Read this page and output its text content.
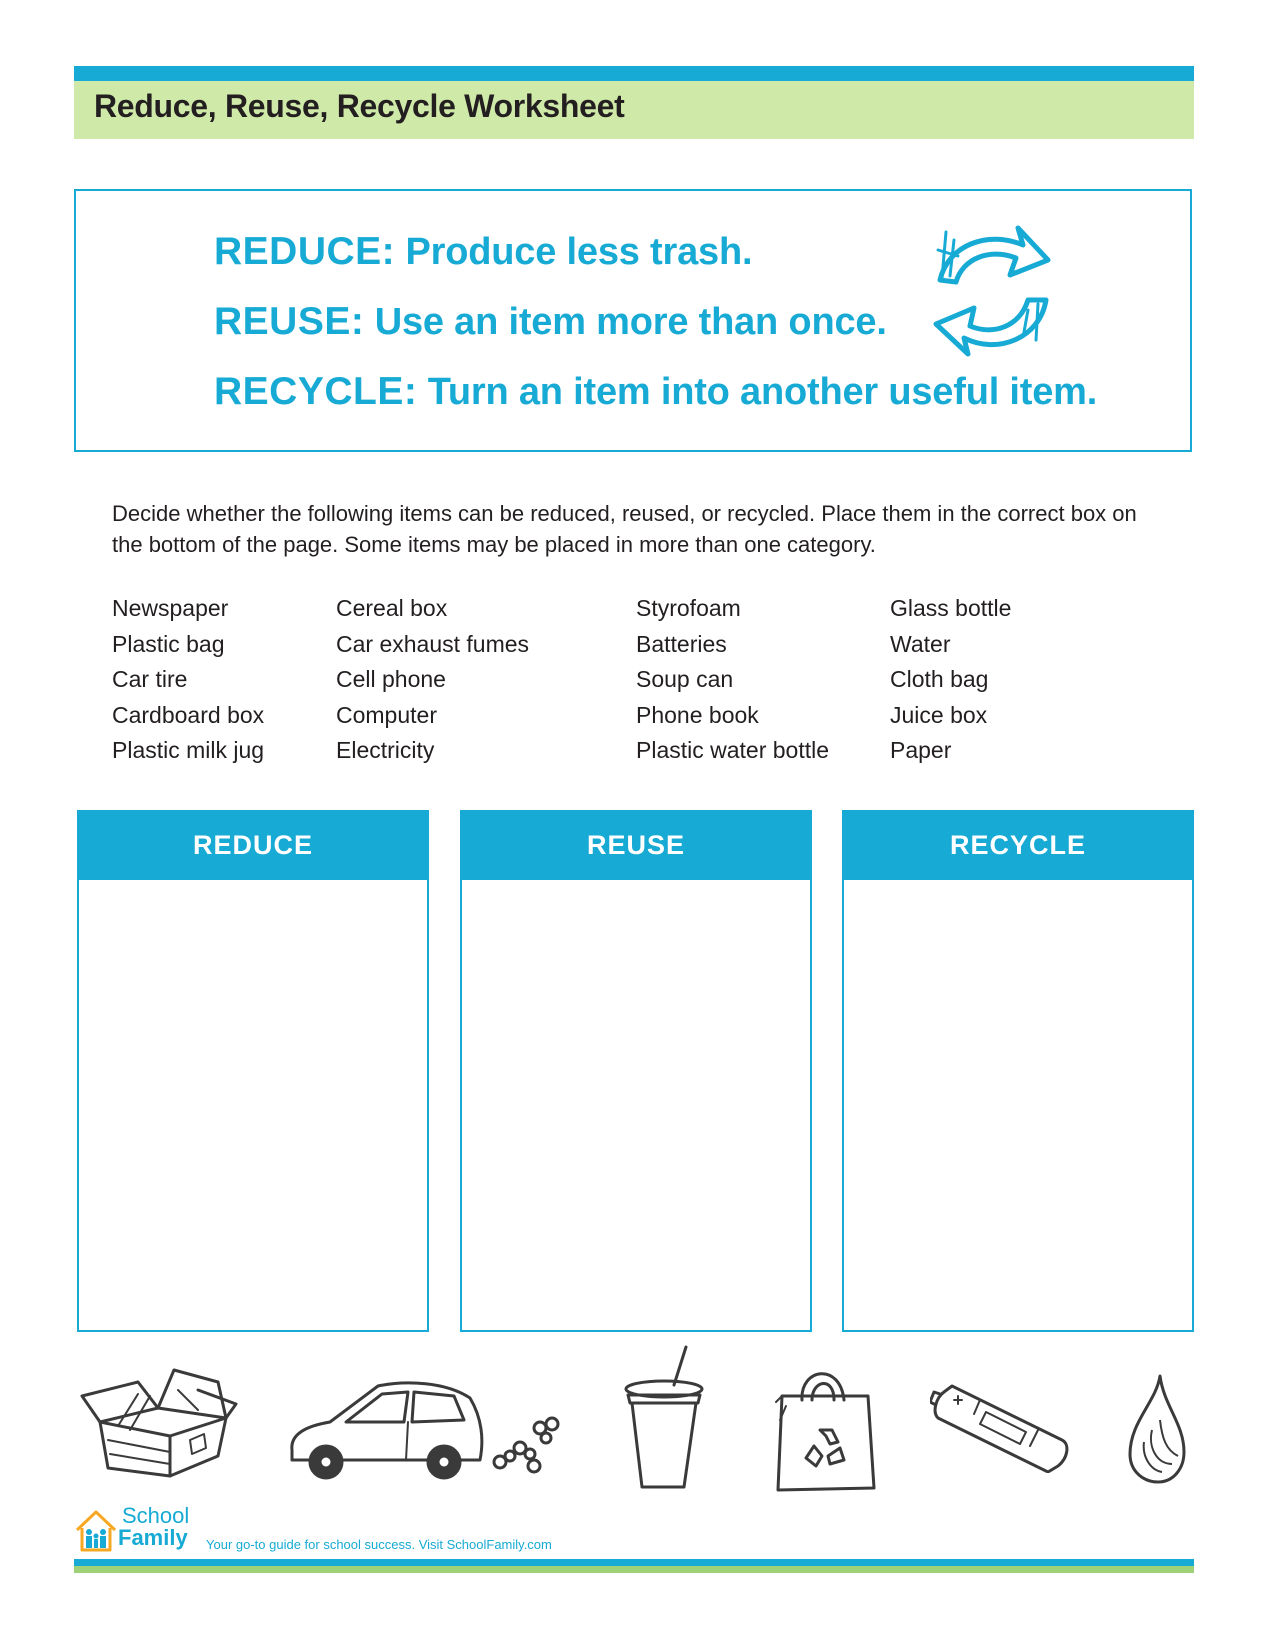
Reduce, Reuse, Recycle Worksheet
REDUCE: Produce less trash.
REUSE: Use an item more than once.
RECYCLE: Turn an item into another useful item.
Decide whether the following items can be reduced, reused, or recycled. Place them in the correct box on the bottom of the page. Some items may be placed in more than one category.
Newspaper
Plastic bag
Car tire
Cardboard box
Plastic milk jug
Cereal box
Car exhaust fumes
Cell phone
Computer
Electricity
Styrofoam
Batteries
Soup can
Phone book
Plastic water bottle
Glass bottle
Water
Cloth bag
Juice box
Paper
REDUCE	REUSE	RECYCLE
School
Family Your go-to guide for school success. Visit SchoolFamily.com
